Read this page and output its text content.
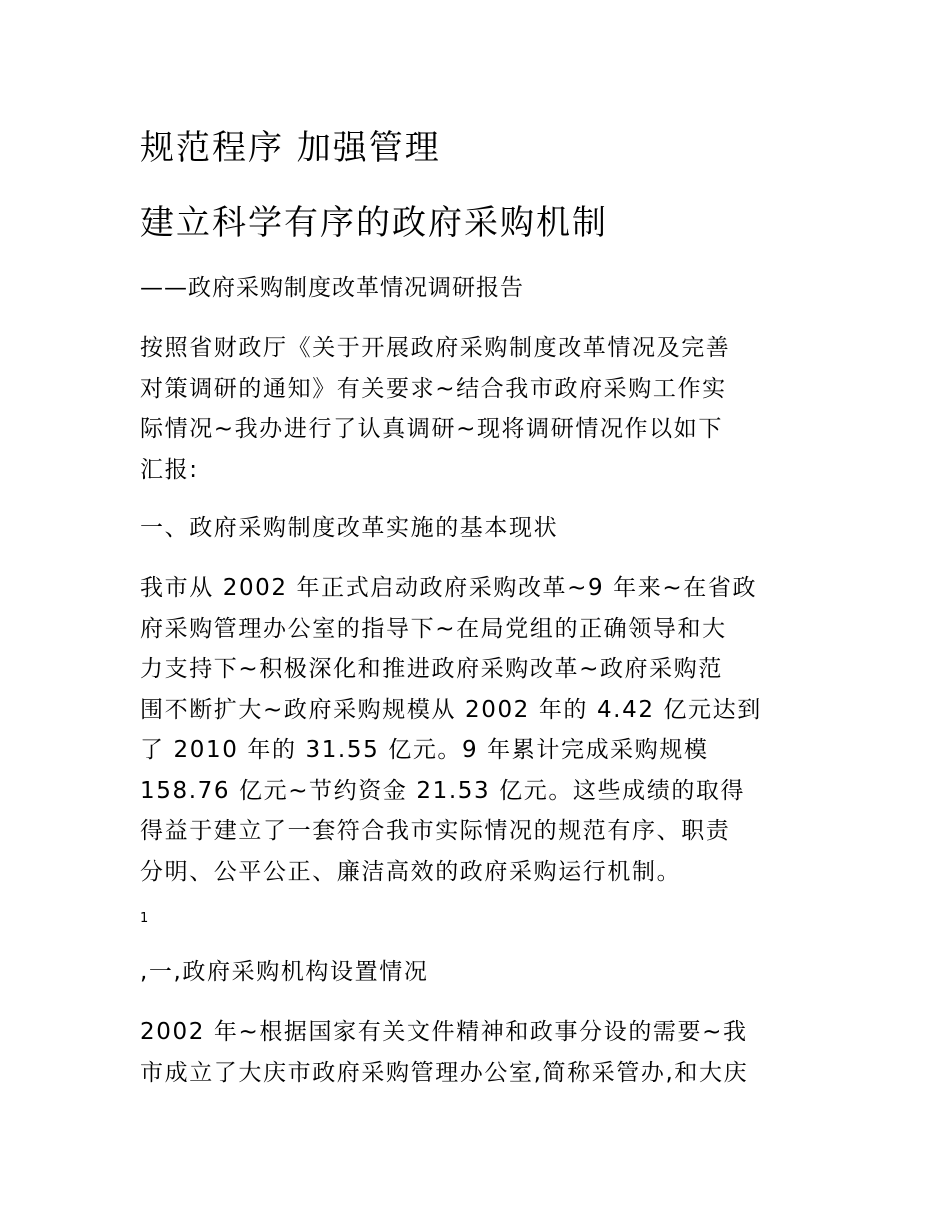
规范程序 加强管理
建立科学有序的政府采购机制
——政府采购制度改革情况调研报告
按照省财政厅《关于开展政府采购制度改革情况及完善
对策调研的通知》有关要求~结合我市政府采购工作实
际情况~我办进行了认真调研~现将调研情况作以如下
汇报:
一、政府采购制度改革实施的基本现状
我市从 2002 年正式启动政府采购改革~9 年来~在省政
府采购管理办公室的指导下~在局党组的正确领导和大
力支持下~积极深化和推进政府采购改革~政府采购范
围不断扩大~政府采购规模从 2002 年的 4.42 亿元达到
了 2010 年的 31.55 亿元。9 年累计完成采购规模
158.76 亿元~节约资金 21.53 亿元。这些成绩的取得
得益于建立了一套符合我市实际情况的规范有序、职责
分明、公平公正、廉洁高效的政府采购运行机制。
1
,一,政府采购机构设置情况
2002 年~根据国家有关文件精神和政事分设的需要~我
市成立了大庆市政府采购管理办公室,简称采管办,和大庆
